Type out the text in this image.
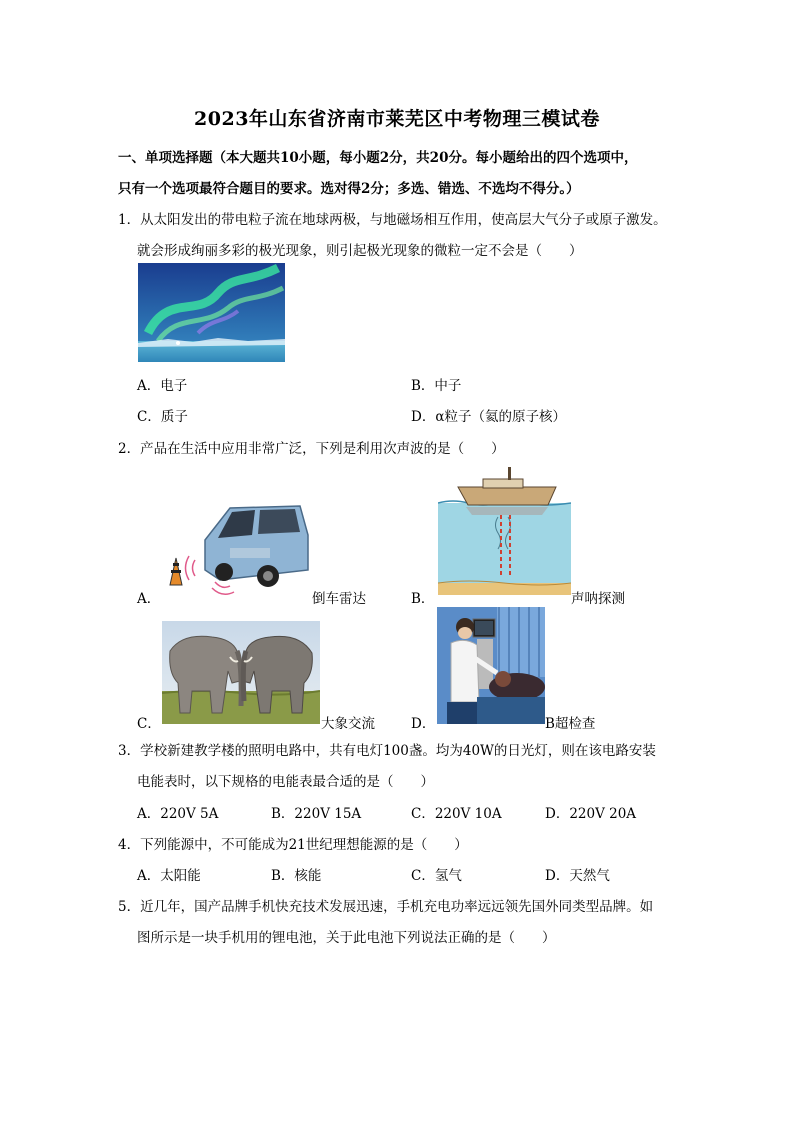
2023年山东省济南市莱芜区中考物理三模试卷
一、单项选择题（本大题共10小题，每小题2分，共20分。每小题给出的四个选项中，
只有一个选项最符合题目的要求。选对得2分；多选、错选、不选均不得分。）
1．从太阳发出的带电粒子流在地球两极，与地磁场相互作用，使高层大气分子或原子激发。
就会形成绚丽多彩的极光现象，则引起极光现象的微粒一定不会是（　　）
A．电子	B．中子
C．质子	D．α粒子（氦的原子核）
2．产品在生活中应用非常广泛，下列是利用次声波的是（　　）
A．	倒车雷达	B．	声呐探测
C．	大象交流	D．	B超检查
3．学校新建教学楼的照明电路中，共有电灯100盏。均为40W的日光灯，则在该电路安装
电能表时，以下规格的电能表最合适的是（　　）
A．220V 5A	B．220V 15A	C．220V 10A	D．220V 20A
4．下列能源中，不可能成为21世纪理想能源的是（　　）
A．太阳能	B．核能	C．氢气	D．天然气
5．近几年，国产品牌手机快充技术发展迅速，手机充电功率远远领先国外同类型品牌。如
图所示是一块手机用的锂电池，关于此电池下列说法正确的是（　　）
